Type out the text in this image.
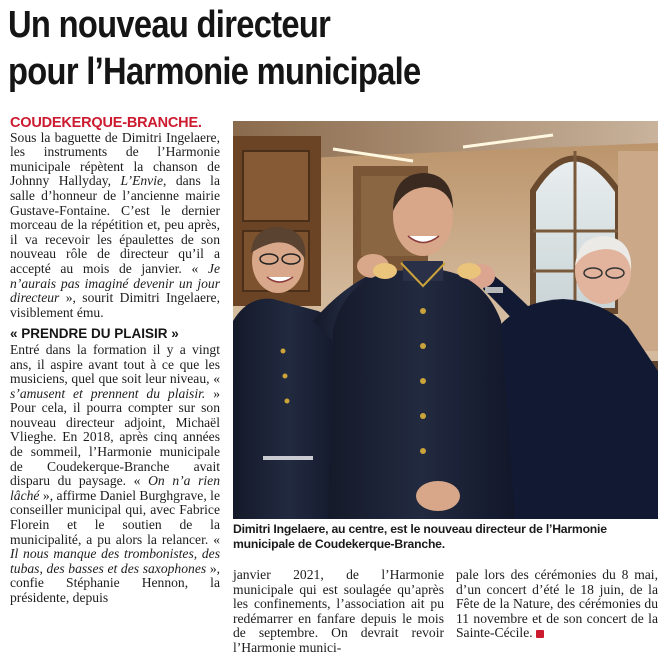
Un nouveau directeur
pour l’Harmonie municipale

COUDEKERQUE-BRANCHE. Sous la baguette de Dimitri Ingelaere, les instruments de l’Harmonie municipale répètent la chanson de Johnny Hallyday, L’Envie, dans la salle d’honneur de l’ancienne mairie Gustave-Fontaine. C’est le dernier morceau de la répétition et, peu après, il va recevoir les épaulettes de son nouveau rôle de directeur qu’il a accepté au mois de janvier. « Je n’aurais pas imaginé devenir un jour directeur », sourit Dimitri Ingelaere, visiblement ému.

« PRENDRE DU PLAISIR »

Entré dans la formation il y a vingt ans, il aspire avant tout à ce que les musiciens, quel que soit leur niveau, « s’amusent et prennent du plaisir. » Pour cela, il pourra compter sur son nouveau directeur adjoint, Michaël Vlieghe. En 2018, après cinq années de sommeil, l’Harmonie municipale de Coudekerque-Branche avait disparu du paysage. « On n’a rien lâché », affirme Daniel Burghgrave, le conseiller municipal qui, avec Fabrice Florein et le soutien de la municipalité, a pu alors la relancer. « Il nous manque des trombonistes, des tubas, des basses et des saxophones », confie Stéphanie Hennon, la présidente, depuis

Dimitri Ingelaere, au centre, est le nouveau directeur de l’Harmonie municipale de Coudekerque-Branche.

janvier 2021, de l’Harmonie municipale qui est soulagée qu’après les confinements, l’association ait pu redémarrer en fanfare depuis le mois de septembre. On devrait revoir l’Harmonie munici-

pale lors des cérémonies du 8 mai, d’un concert d’été le 18 juin, de la Fête de la Nature, des cérémonies du 11 novembre et de son concert de la Sainte-Cécile.
